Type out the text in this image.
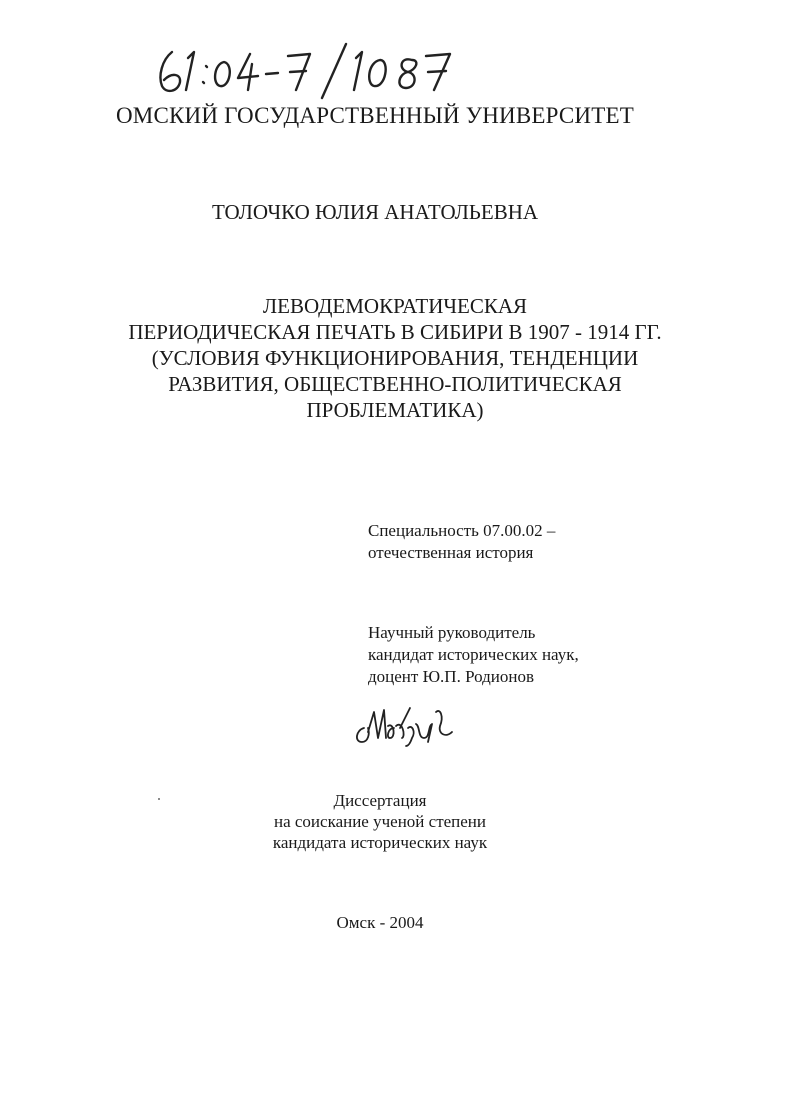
ОМСКИЙ ГОСУДАРСТВЕННЫЙ УНИВЕРСИТЕТ
ТОЛОЧКО ЮЛИЯ АНАТОЛЬЕВНА
ЛЕВОДЕМОКРАТИЧЕСКАЯ
ПЕРИОДИЧЕСКАЯ ПЕЧАТЬ В СИБИРИ В 1907 - 1914 ГГ.
(УСЛОВИЯ ФУНКЦИОНИРОВАНИЯ, ТЕНДЕНЦИИ
РАЗВИТИЯ, ОБЩЕСТВЕННО-ПОЛИТИЧЕСКАЯ
ПРОБЛЕМАТИКА)
Специальность 07.00.02 –
отечественная история
Научный руководитель
кандидат исторических наук,
доцент Ю.П. Родионов
Диссертация
на соискание ученой степени
кандидата исторических наук
Омск - 2004
